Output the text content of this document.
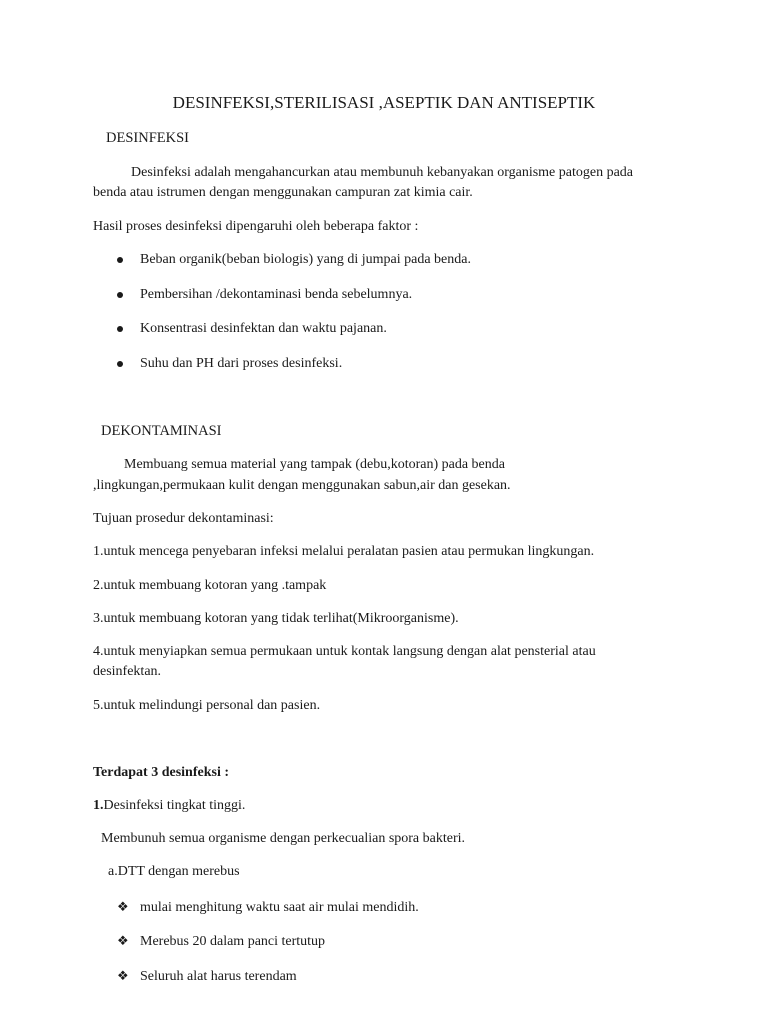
DESINFEKSI,STERILISASI ,ASEPTIK DAN ANTISEPTIK
DESINFEKSI
Desinfeksi adalah mengahancurkan atau membunuh kebanyakan organisme patogen pada
benda atau istrumen dengan menggunakan campuran zat kimia cair.
Hasil proses desinfeksi dipengaruhi oleh beberapa faktor :
Beban organik(beban biologis) yang di jumpai pada benda.
Pembersihan /dekontaminasi benda sebelumnya.
Konsentrasi desinfektan dan waktu pajanan.
Suhu dan PH dari proses desinfeksi.
DEKONTAMINASI
Membuang semua material yang tampak (debu,kotoran) pada benda
,lingkungan,permukaan kulit dengan menggunakan sabun,air dan gesekan.
Tujuan prosedur dekontaminasi:
1.untuk mencega penyebaran infeksi melalui peralatan pasien atau permukan lingkungan.
2.untuk membuang kotoran yang .tampak
3.untuk membuang kotoran yang tidak terlihat(Mikroorganisme).
4.untuk menyiapkan semua permukaan untuk kontak langsung dengan alat pensterial atau
desinfektan.
5.untuk melindungi personal dan pasien.
Terdapat 3 desinfeksi :
1.Desinfeksi tingkat tinggi.
Membunuh semua organisme dengan perkecualian spora bakteri.
a.DTT dengan merebus
❖ mulai menghitung waktu saat air mulai mendidih.
❖ Merebus 20 dalam panci tertutup
❖ Seluruh alat harus terendam
